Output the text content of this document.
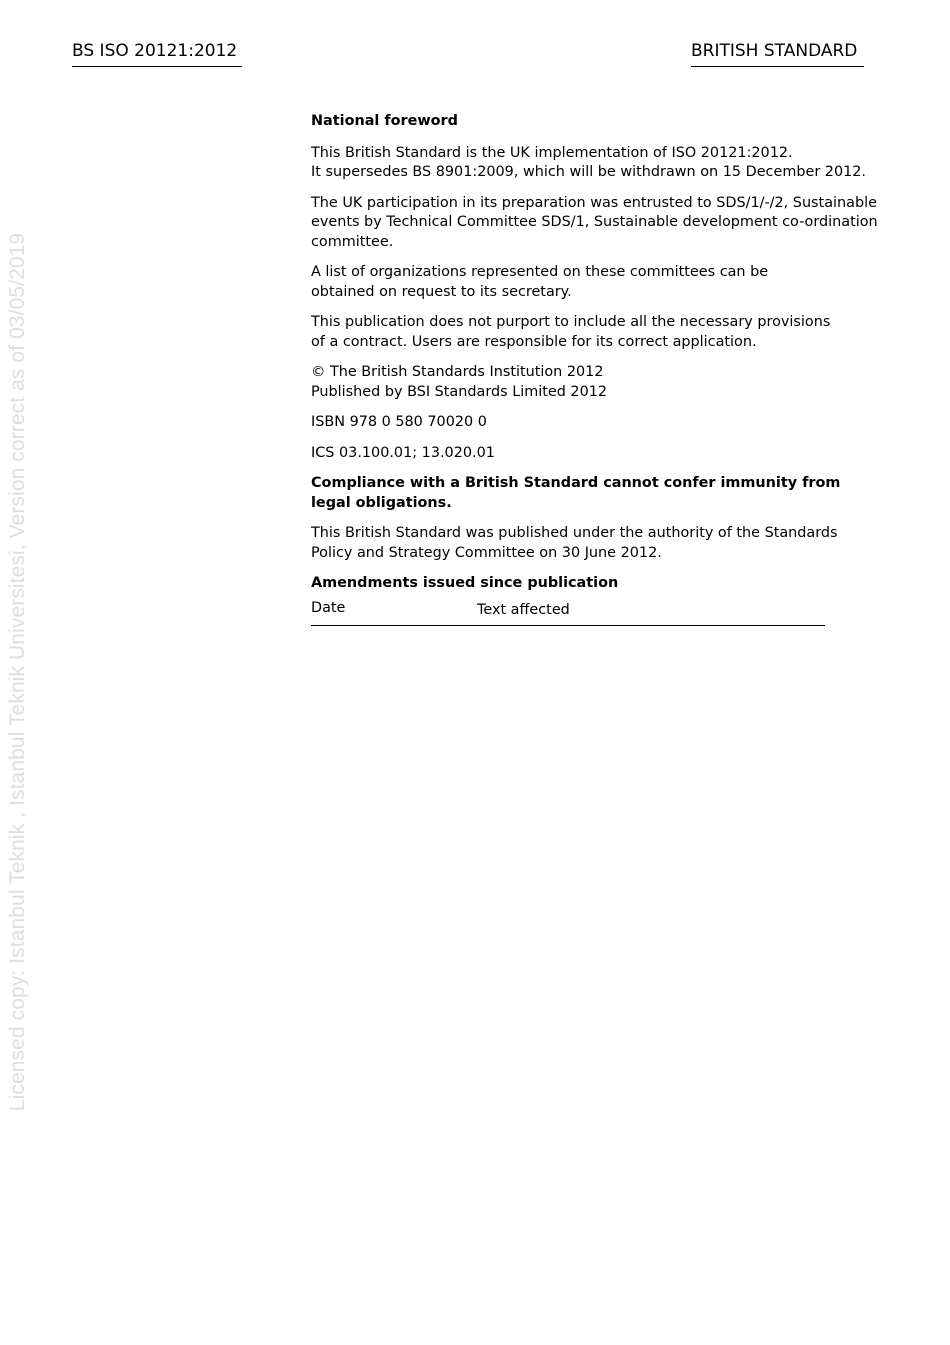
BS ISO 20121:2012	BRITISH STANDARD
Licensed copy: Istanbul Teknik , Istanbul Teknik Universitesi, Version correct as of 03/05/2019

National foreword

This British Standard is the UK implementation of ISO 20121:2012.
It supersedes BS 8901:2009, which will be withdrawn on 15 December 2012.

The UK participation in its preparation was entrusted to SDS/1/-/2, Sustainable
events by Technical Committee SDS/1, Sustainable development co-ordination
committee.

A list of organizations represented on these committees can be
obtained on request to its secretary.

This publication does not purport to include all the necessary provisions
of a contract. Users are responsible for its correct application.

© The British Standards Institution 2012
Published by BSI Standards Limited 2012

ISBN 978 0 580 70020 0

ICS 03.100.01; 13.020.01

Compliance with a British Standard cannot confer immunity from
legal obligations.

This British Standard was published under the authority of the Standards
Policy and Strategy Committee on 30 June 2012.

Amendments issued since publication

Date	Text affected
